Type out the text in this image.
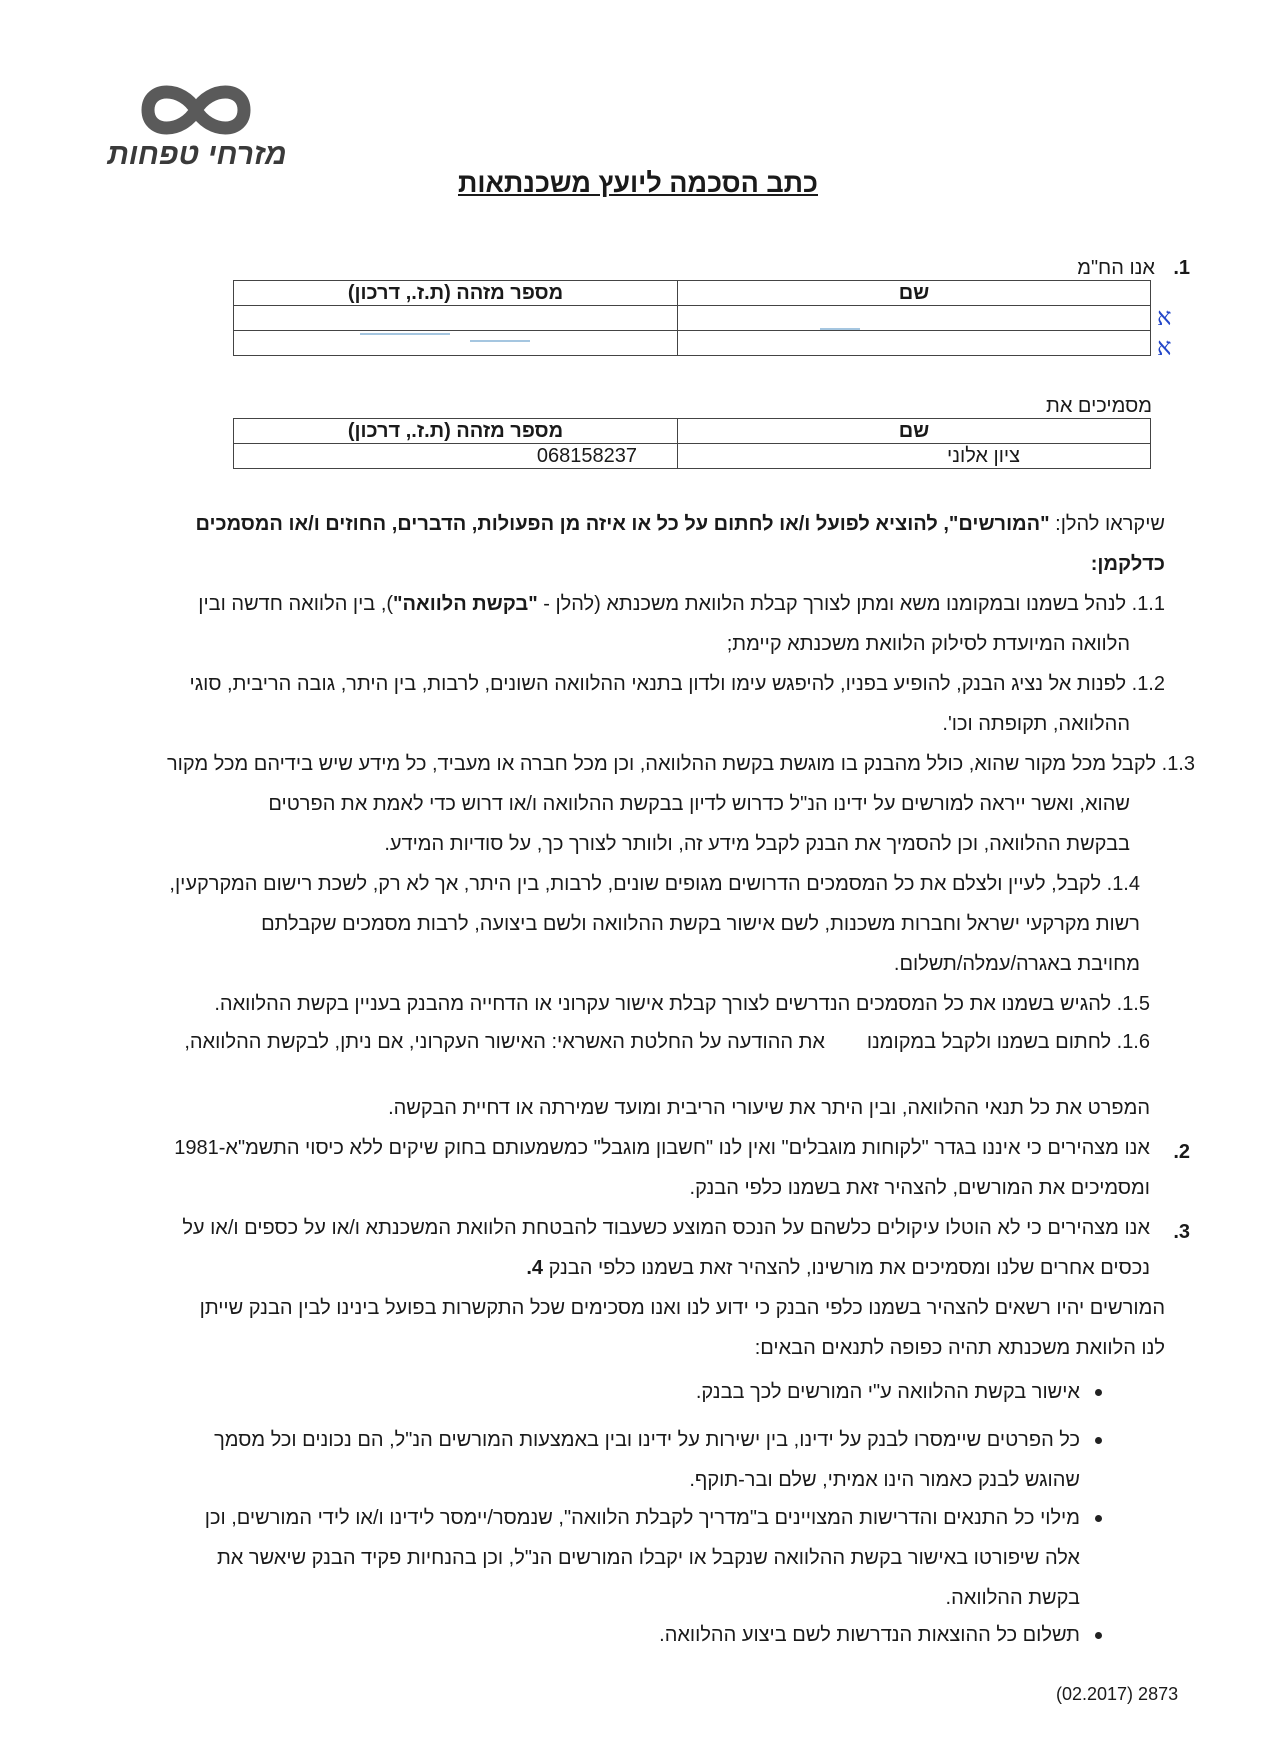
מזרחי טפחות
כתב הסכמה ליועץ משכנתאות
1.
אנו הח"מ
שם	מספר מזהה (ת.ז., דרכון)

א
א
מסמיכים את
שם	מספר מזהה (ת.ז., דרכון)
ציון אלוני	068158237
שיקראו להלן: "המורשים", להוציא לפועל ו/או לחתום על כל או איזה מן הפעולות, הדברים, החוזים ו/או המסמכים
כדלקמן:
1.1. לנהל בשמנו ובמקומנו משא ומתן לצורך קבלת הלוואת משכנתא (להלן - "בקשת הלוואה"), בין הלוואה חדשה ובין
הלוואה המיועדת לסילוק הלוואת משכנתא קיימת;
1.2. לפנות אל נציג הבנק, להופיע בפניו, להיפגש עימו ולדון בתנאי ההלוואה השונים, לרבות, בין היתר, גובה הריבית, סוגי
ההלוואה, תקופתה וכו'.
1.3. לקבל מכל מקור שהוא, כולל מהבנק בו מוגשת בקשת ההלוואה, וכן מכל חברה או מעביד, כל מידע שיש בידיהם מכל מקור
שהוא, ואשר ייראה למורשים על ידינו הנ"ל כדרוש לדיון בבקשת ההלוואה ו/או דרוש כדי לאמת את הפרטים
בבקשת ההלוואה, וכן להסמיך את הבנק לקבל מידע זה, ולוותר לצורך כך, על סודיות המידע.
1.4. לקבל, לעיין ולצלם את כל המסמכים הדרושים מגופים שונים, לרבות, בין היתר, אך לא רק, לשכת רישום המקרקעין,
רשות מקרקעי ישראל וחברות משכנות, לשם אישור בקשת ההלוואה ולשם ביצועה, לרבות מסמכים שקבלתם
מחויבת באגרה/עמלה/תשלום.
1.5. להגיש בשמנו את כל המסמכים הנדרשים לצורך קבלת אישור עקרוני או הדחייה מהבנק בעניין בקשת ההלוואה.
1.6. לחתום בשמנו ולקבל במקומנו
את ההודעה על החלטת האשראי: האישור העקרוני, אם ניתן, לבקשת ההלוואה,
המפרט את כל תנאי ההלוואה, ובין היתר את שיעורי הריבית ומועד שמירתה או דחיית הבקשה.
2.
אנו מצהירים כי איננו בגדר "לקוחות מוגבלים" ואין לנו "חשבון מוגבל" כמשמעותם בחוק שיקים ללא כיסוי התשמ"א-1981
ומסמיכים את המורשים, להצהיר זאת בשמנו כלפי הבנק.
3.
אנו מצהירים כי לא הוטלו עיקולים כלשהם על הנכס המוצע כשעבוד להבטחת הלוואת המשכנתא ו/או על כספים ו/או על
נכסים אחרים שלנו ומסמיכים את מורשינו, להצהיר זאת בשמנו כלפי הבנק 4.
המורשים יהיו רשאים להצהיר בשמנו כלפי הבנק כי ידוע לנו ואנו מסכימים שכל התקשרות בפועל בינינו לבין הבנק שייתן
לנו הלוואת משכנתא תהיה כפופה לתנאים הבאים:
אישור בקשת ההלוואה ע"י המורשים לכך בבנק.
כל הפרטים שיימסרו לבנק על ידינו, בין ישירות על ידינו ובין באמצעות המורשים הנ"ל, הם נכונים וכל מסמך
שהוגש לבנק כאמור הינו אמיתי, שלם ובר-תוקף.
מילוי כל התנאים והדרישות המצויינים ב"מדריך לקבלת הלוואה", שנמסר/יימסר לידינו ו/או לידי המורשים, וכן
אלה שיפורטו באישור בקשת ההלוואה שנקבל או יקבלו המורשים הנ"ל, וכן בהנחיות פקיד הבנק שיאשר את
בקשת ההלוואה.
תשלום כל ההוצאות הנדרשות לשם ביצוע ההלוואה.
(02.2017) 2873
